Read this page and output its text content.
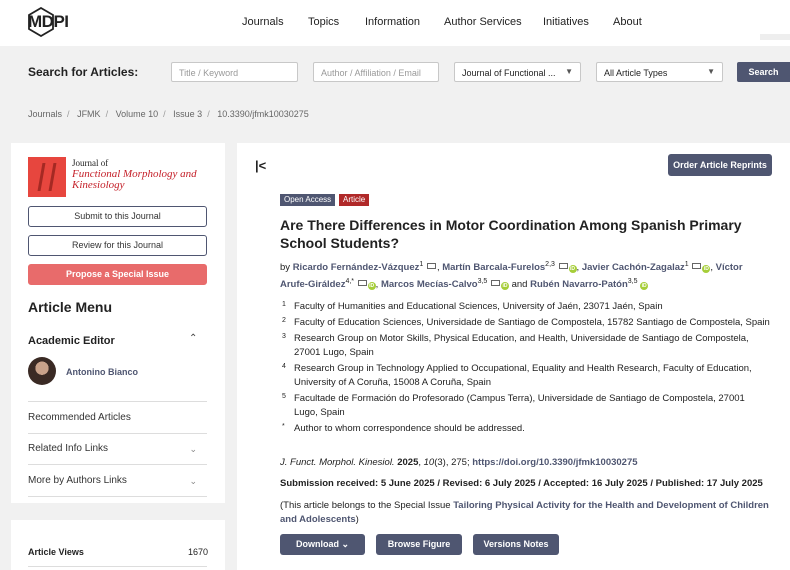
MDPI	Journals Topics Information Author Services Initiatives About
Search for Articles:	Title / Keyword	Author / Affiliation / Email	Journal of Functional ... ▼	All Article Types	▼	Search
Journals / JFMK / Volume 10 / Issue 3 / 10.3390/jfmk10030275
Journal of
Functional Morphology and Kinesiology
Submit to this Journal
Review for this Journal
Propose a Special Issue
Article Menu
Academic Editor	⌃
Antonino Bianco
Recommended Articles
Related Info Links	⌄
More by Authors Links	⌄
Article Views	1670
|<	Order Article Reprints
Open Access	Article
Are There Differences in Motor Coordination Among Spanish Primary School Students?
by Ricardo Fernández-Vázquez$^1$ , Martín Barcala-Furelos$^{2,3}$ iD , Javier Cachón-Zagalaz$^1$ iD , Víctor Arufe-Giráldez$^{4,*}$ iD , Marcos Mecías-Calvo$^{3,5}$ iD and Rubén Navarro-Patón$^{3,5}$ iD
1 Faculty of Humanities and Educational Sciences, University of Jaén, 23071 Jaén, Spain
2 Faculty of Education Sciences, Universidade de Santiago de Compostela, 15782 Santiago de Compostela, Spain
3 Research Group on Motor Skills, Physical Education, and Health, Universidade de Santiago de Compostela, 27001 Lugo, Spain
4 Research Group in Technology Applied to Occupational, Equality and Health Research, Faculty of Education, University of A Coruña, 15008 A Coruña, Spain
5 Facultade de Formación do Profesorado (Campus Terra), Universidade de Santiago de Compostela, 27001 Lugo, Spain
* Author to whom correspondence should be addressed.
J. Funct. Morphol. Kinesiol. 2025, 10(3), 275; https://doi.org/10.3390/jfmk10030275
Submission received: 5 June 2025 / Revised: 6 July 2025 / Accepted: 16 July 2025 / Published: 17 July 2025
(This article belongs to the Special Issue Tailoring Physical Activity for the Health and Development of Children and Adolescents)
Download ⌄	Browse Figure	Versions Notes
